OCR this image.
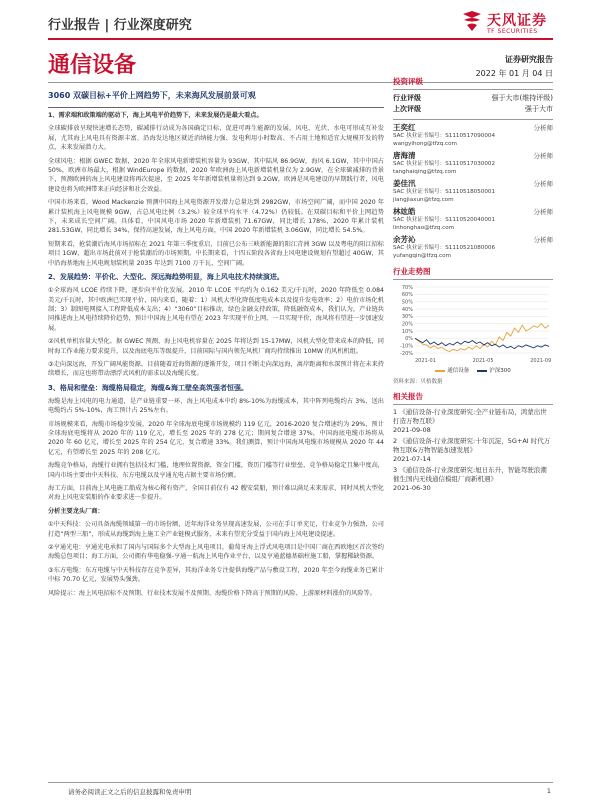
行业报告 | 行业深度研究	天风证券
TF SECURITIES
通信设备	证券研究报告
2022 年 01 月 04 日
3060 双碳目标+平价上网趋势下，未来海风发展前景可观
1、需求端和政策端的驱动下，海上风电平价趋势下，未来发展仍是最大看点。
全球碳排放呈现快速增长态势，碳减排行动成为各国确定目标，促进可再生能源的发展，风电、光伏、水电可形成互补发展，尤其海上风电具有资源丰富、沿海发达地区就近消纳能力强、发电利用小时数高、不占用土地和适宜大规模开发的特点，未来发展潜力大。
全球风电：根据 GWEC 数据，2020 年全球风电新增装机容量为 93GW，其中陆风 86.9GW，海风 6.1GW，其中中国占 50%，欧洲市场最大，根据 WindEurope 的数据，2020 年欧洲海上风电新增装机量仅为 2.9GW，在全球碳减排的背景下，预测欧洲的海上风电建设将再次提速，至 2025 年年新增装机量将达到 9.2GW，欧洲是风电建设的早期践行者，风电建设也将为欧洲带来正向经济和社会效益。
中国市场来看，Wood Mackenzie 预测中国海上风电资源开发潜力总量达到 2982GW，市场空间广阔，而中国 2020 年累计装机海上风电规模 9GW，占总风电比例（3.2%）较全球平均水平（4.72%）仍较低。在双碳目标和平价上网趋势下，未来成长空间广阔。具体看，中国风电市场 2020 年新增装机 71.67GW，同比增长 178%，2020 年累计装机 281.53GW，同比增长 34%，保持高速发展，海上风电方面，中国 2020 年新增装机 3.06GW，同比增长 54.5%。
短期来看，抢装潮后海风市场招标在 2021 年第三季度重启，目前已公布三峡新能源的阳江青洲 3GW 以及粤电的阳江招标项目 1GW，超出市场此前对于抢装潮后的市场预期。中长期来看，十四五阶段各省海上风电建设规划有望超过 40GW，其中沿海基地海上风电规划装机量 2035 年达到 7100 万千瓦，空间广阔。
2、发展趋势：平价化、大型化、深远海趋势明显，海上风电技术持续演进。
①全球海风 LCOE 持续下降，逐步向平价化发展。2010 年 LCOE 平均约为 0.162 美元/千瓦时，2020 年降低至 0.084 美元/千瓦时，其中欧洲已实现平价，国内来看，随着：1）风机大型化降低度电成本以及提升发电效率；2）电价市场化机制；3）制图电网接入工程降低成本支出；4）“3060”目标推动，绿色金融支持政策，降低融资成本，我们认为，产业链共同推进海上风电持续降价趋势，预计中国海上风电有望在 2023 年实现平价上网，一旦实现平价，海风将有望进一步加速发展。
②风机单机容量大型化。据 GWEC 预测，海上风电机容量在 2025 年将达到 15-17MW，风机大型化带来成本的降低，同时海工作业能力要求提升，以及海底电压等级提升，目前国际与国内领先风机厂商均持续推出 10MW 的风机机组。
③走向深远海，开发广阔风能资源。目前随着近海资源的逐渐开发，项目不断走向深远海，离岸距离和水深预计将在未来持续增长，而这也将带动漂浮式风机的需求以及海缆长度。
3、格局和壁垒：海缆格局稳定，海缆&海工壁垒高筑强者恒强。
海缆是海上风电的电力通道，是产业链重要一环，海上风电成本中约 8%-10%为海缆成本，其中阵列电缆约占 3%，送出电缆约占 5%-10%，海工预计占 25%左右。
市场规模来看，海缆市场稳步发展，2020 年全球海底电缆市场规模约 119 亿元，2016-2020 复合增速约为 29%，预计全球海底电缆将从 2020 年的 119 亿元，增长至 2025 年的 278 亿元；期间复合增速 37%，中国海底电缆市场将从 2020 年 60 亿元，增长至 2025 年的 254 亿元，复合增速 33%。我们测算，预计中国海风电缆市场规模从 2020 年 44 亿元，有望增长至 2025 年的 208 亿元。
海缆竞争格局，海缆行业拥有包括技术门槛，地理位置资源，资金门槛，资历门槛等行业壁垒，竞争格局稳定且集中度高，国内市场主要由中天科技、东方电缆以及亨通光电占据主要市场份额。
海工方面，目前海上风电施工船成为核心稀有资产，全国目前仅有 42 艘安装船，预计难以满足未来需求，同时风机大型化对海上风电安装船的作业要求进一步提升。
分析主要龙头厂商：
①中天科技：公司具备海缆领域第一的市场份额，近年海洋业务呈现高速发展，公司在手订单充足，行业竞争力强劲，公司打造“两型三船”，形成从海缆到海上施工全产业链模式服务，未来有望充分受益于国内海上风电建设提速。
②亨通光电：亨通光电承担了国内与国际多个大型海上风电项目，葡萄牙海上浮式风电项目是中国厂商在西欧地区首次签约海缆总包项目；海工方面，公司拥有华电稳强-亨通一航海上风电作业平台，以及亨通蓝德基础柱施工船，掌握稀缺资源。
③东方电缆：东方电缆与中天科技存在竞争差异，其海洋业务专注提供海缆产品与敷设工程，2020 年至今海缆业务已累计中标 70.70 亿元，发展势头强劲。
风险提示：海上风电招标不及预期、行业技术发展不及预期、海缆价格下降高于预期的风险、上游原材料涨价的风险等。
投资评级
行业评级	强于大市(维持评级)
上次评级	强于大市
王奕红	分析师
SAC 执业证书编号：S1110517090004
wangyihong@tfzq.com
唐海清	分析师
SAC 执业证书编号：S1110517030002
tanghaiqing@tfzq.com
姜佳汛	分析师
SAC 执业证书编号：S1110518050001
jiangjiaxun@tfzq.com
林竑皓	分析师
SAC 执业证书编号：S1110520040001
linhonghao@tfzq.com
余芳沁	分析师
SAC 执业证书编号：S1110521080006
yufangqin@tfzq.com
行业走势图
70%
60%
50%
40%
30%
20%
10%
0%
-10%
-20%
2021-01	2021-05	2021-09
通信设备	沪深300
资料来源：贝格数据
相关报告
1 《通信设备-行业深度研究:全产业链布局，鸿蒙出世打造万物互联》
2021-09-08
2 《通信设备-行业深度研究:十年沉淀，5G+AI 时代万物互联&万物智能加速发展》
2021-07-14
3 《通信设备-行业深度研究:旭日东升，智能驾驶浪潮催生国内无线通信模组厂商新机遇》
2021-06-30
请务必阅读正文之后的信息披露和免责申明	1
